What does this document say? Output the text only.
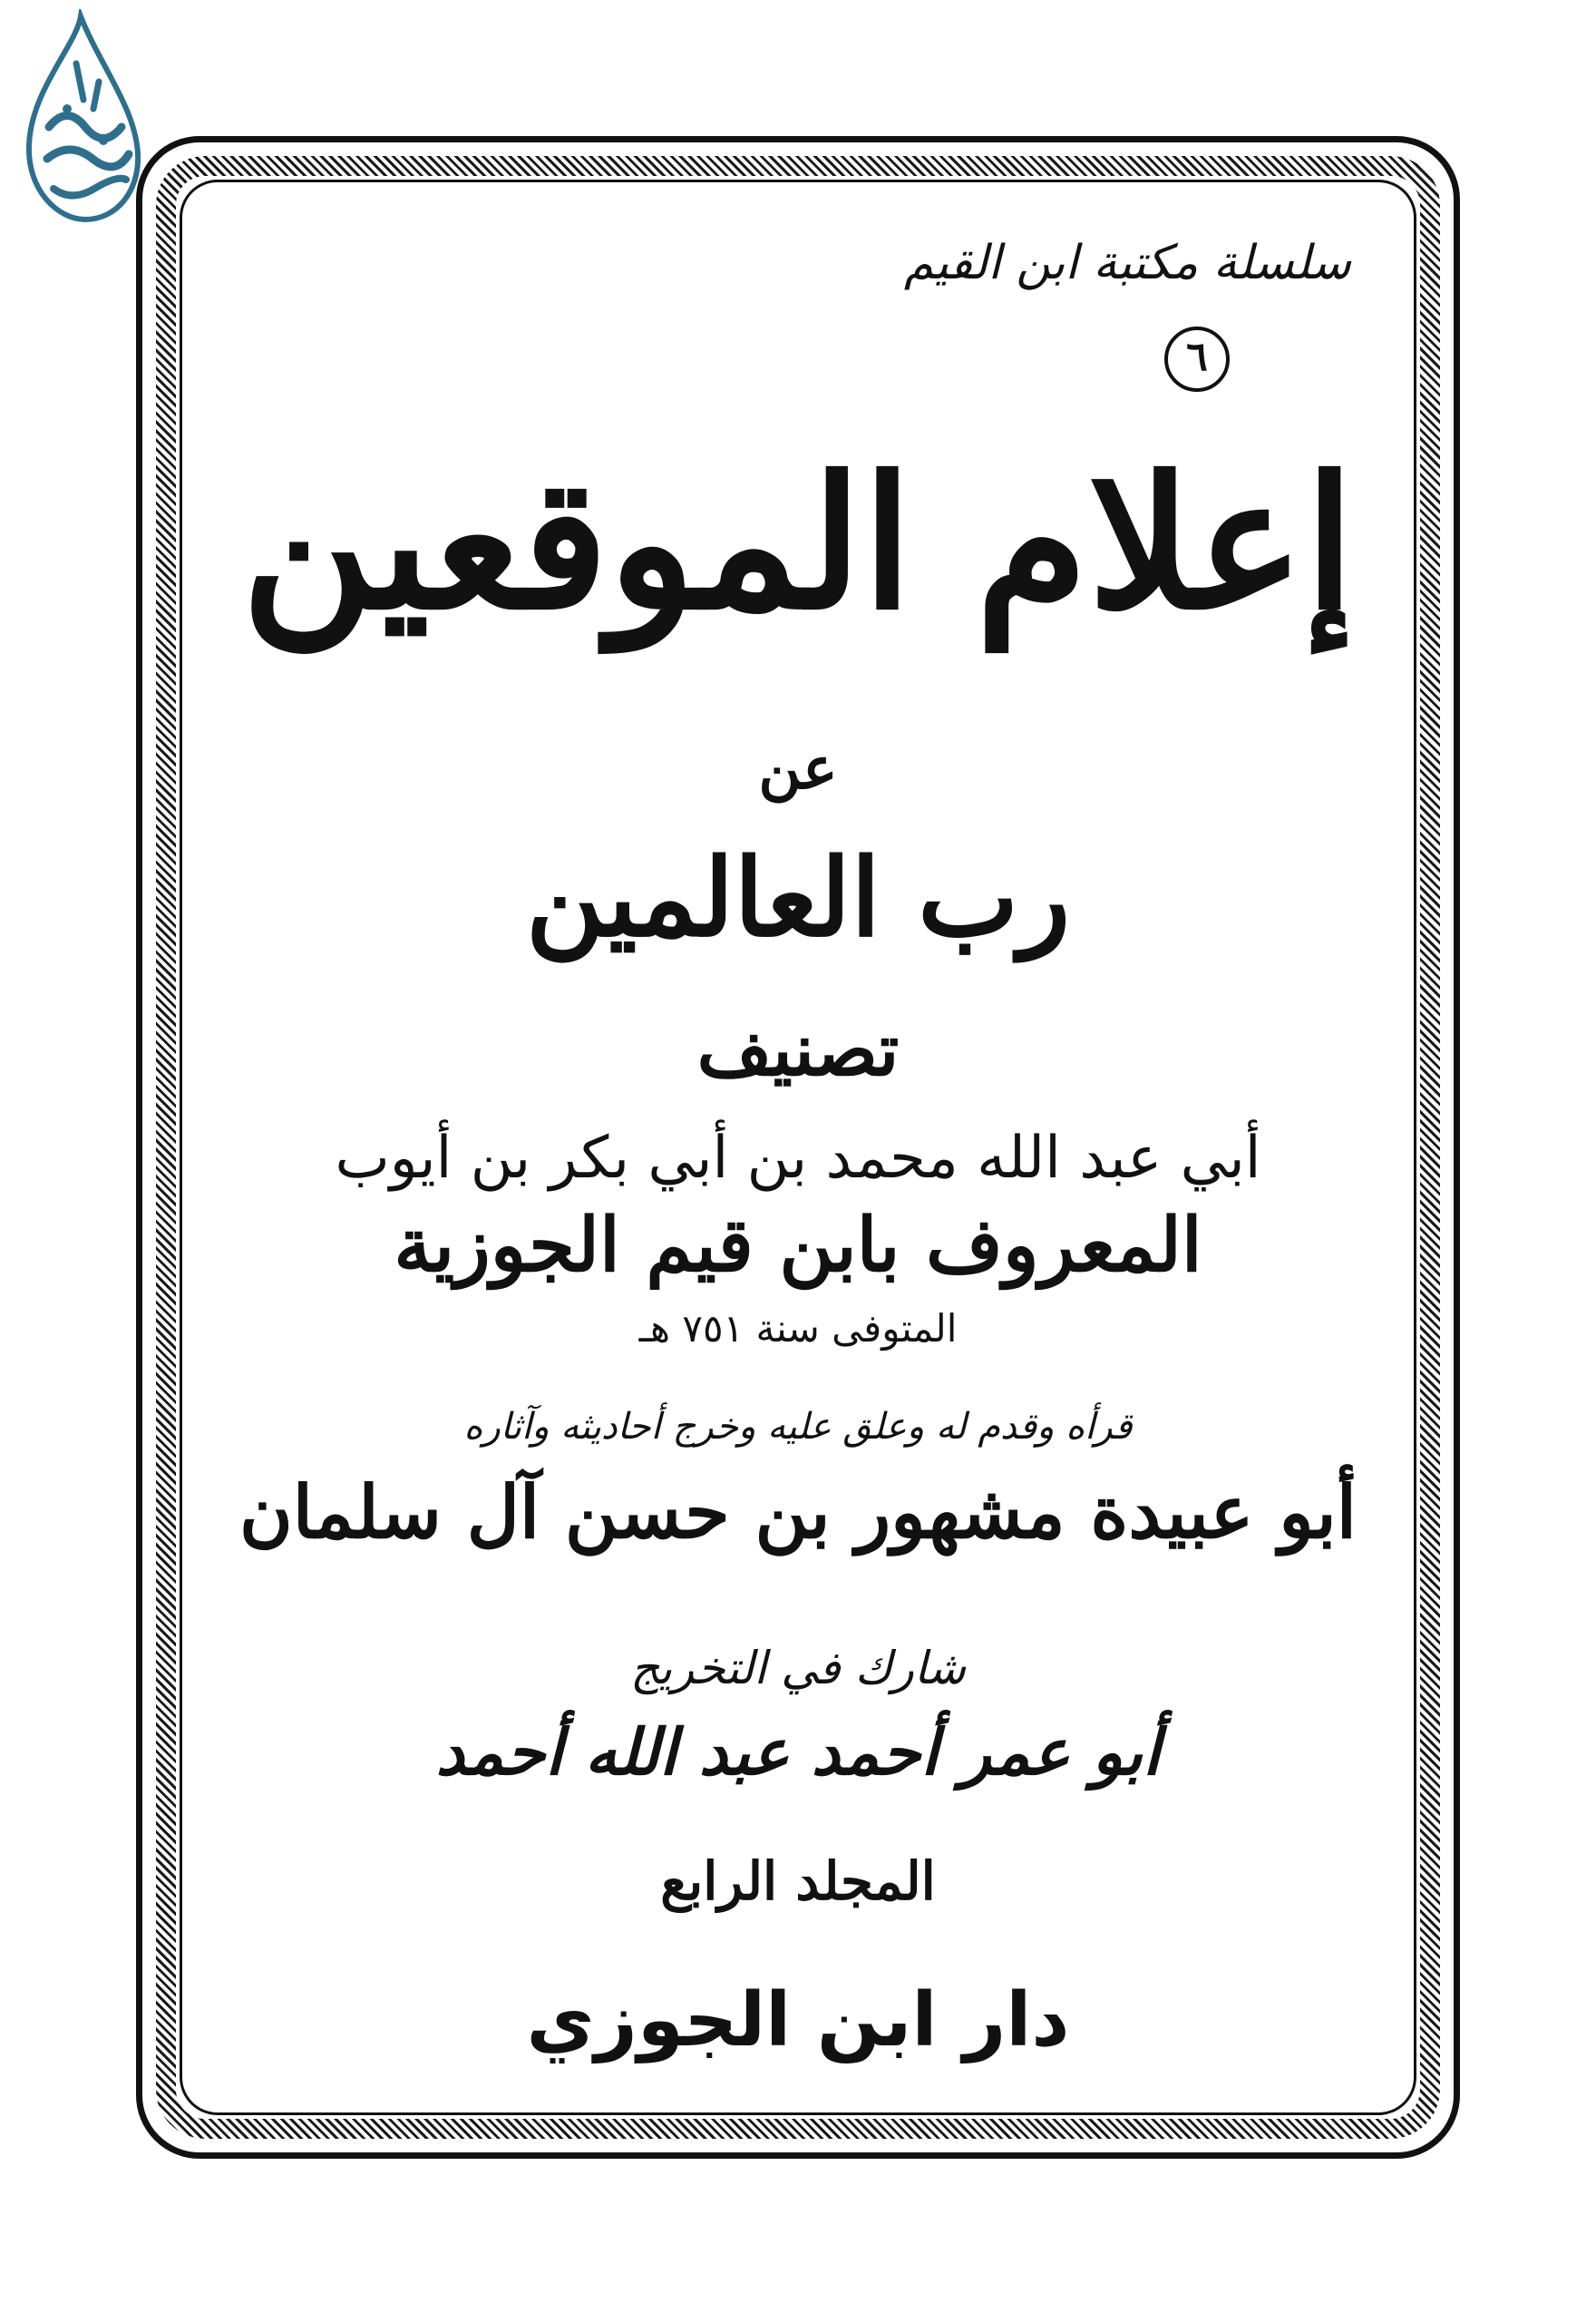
سلسلة مكتبة ابن القيم
٦
إعلام الموقعين
عن
رب العالمين
تصنيف
أبي عبد الله محمد بن أبي بكر بن أيوب
المعروف بابن قيم الجوزية
المتوفى سنة ٧٥١ هـ
قرأه وقدم له وعلق عليه وخرج أحاديثه وآثاره
أبو عبيدة مشهور بن حسن آل سلمان
شارك في التخريج
أبو عمر أحمد عبد الله أحمد
المجلد الرابع
دار ابن الجوزي
